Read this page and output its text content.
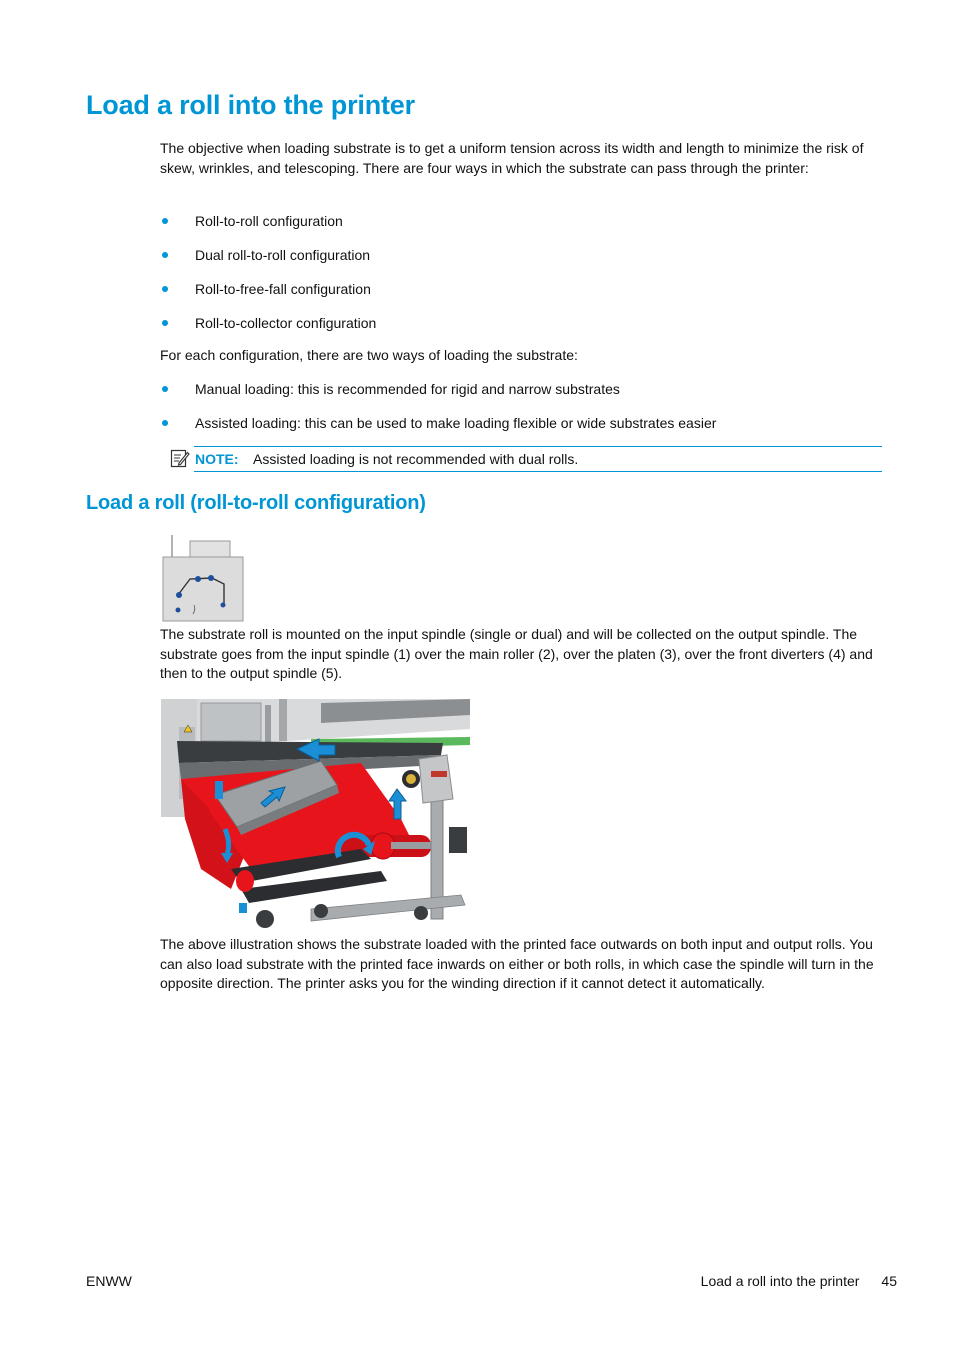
Load a roll into the printer

The objective when loading substrate is to get a uniform tension across its width and length to minimize the risk of skew, wrinkles, and telescoping. There are four ways in which the substrate can pass through the printer:

Roll-to-roll configuration
Dual roll-to-roll configuration
Roll-to-free-fall configuration
Roll-to-collector configuration

For each configuration, there are two ways of loading the substrate:

Manual loading: this is recommended for rigid and narrow substrates
Assisted loading: this can be used to make loading flexible or wide substrates easier
NOTE: Assisted loading is not recommended with dual rolls.
Load a roll (roll-to-roll configuration)

The substrate roll is mounted on the input spindle (single or dual) and will be collected on the output spindle. The substrate goes from the input spindle (1) over the main roller (2), over the platen (3), over the front diverters (4) and then to the output spindle (5).

The above illustration shows the substrate loaded with the printed face outwards on both input and output rolls. You can also load substrate with the printed face inwards on either or both rolls, in which case the spindle will turn in the opposite direction. The printer asks you for the winding direction if it cannot detect it automatically.

ENWW	Load a roll into the printer 45
